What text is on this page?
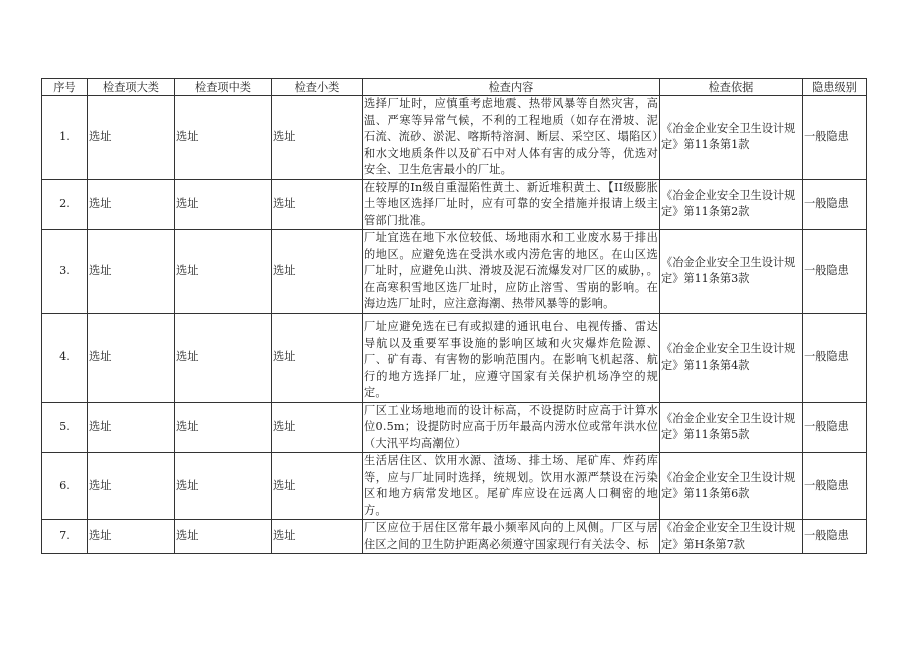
序号	检查项大类	检查项中类	检查小类	检查内容	检查依据	隐患级别
1.	选址	选址	选址	选择厂址时，应慎重考虑地震、热带风暴等自然灾害，高温、严寒等异常气候，不利的工程地质（如存在滑坡、泥石流、流砂、淤泥、喀斯特溶洞、断层、采空区、塌陷区）和水文地质条件以及矿石中对人体有害的成分等，优选对安全、卫生危害最小的厂址。	《冶金企业安全卫生设计规定》第11条第1款	一般隐患
2.	选址	选址	选址	在较厚的In级自重湿陷性黄土、新近堆积黄土、【II级膨胀土等地区选择厂址时，应有可靠的安全措施并报请上级主管部门批准。	《冶金企业安全卫生设计规定》第11条第2款	一般隐患
3.	选址	选址	选址	厂址宜选在地下水位较低、场地雨水和工业废水易于排出的地区。应避免选在受洪水或内涝危害的地区。在山区选厂址时，应避免山洪、滑坡及泥石流爆发对厂区的威胁，。在高寒积雪地区选厂址时，应防止溶雪、雪崩的影响。在海边选厂址时，应注意海潮、热带风暴等的影响。	《冶金企业安全卫生设计规定》第11条第3款	一般隐患
4.	选址	选址	选址	厂址应避免选在已有或拟建的通讯电台、电视传播、雷达导航以及重要军事设施的影响区域和火灾爆炸危险源、厂、矿有毒、有害物的影响范围内。在影响飞机起落、航行的地方选择厂址，应遵守国家有关保护机场净空的规定。	《冶金企业安全卫生设计规定》第11条第4款	一般隐患
5.	选址	选址	选址	厂区工业场地地而的设计标高，不设提防时应高于计算水位0.5m；设提防时应高于历年最高内涝水位或常年洪水位（大汛平均高潮位）	《冶金企业安全卫生设计规定》第11条第5款	一般隐患
6.	选址	选址	选址	生活居住区、饮用水源、渣场、排土场、尾矿库、炸药库等，应与厂址同时选择，统规划。饮用水源严禁设在污染区和地方病常发地区。尾矿库应设在远离人口稠密的地方。	《冶金企业安全卫生设计规定》第11条第6款	一般隐患
7.	选址	选址	选址	厂区应位于居住区常年最小频率风向的上风侧。厂区与居住区之间的卫生防护距离必须遵守国家现行有关法令、标	《冶金企业安全卫生设计规定》第H条第7款	一般隐患
